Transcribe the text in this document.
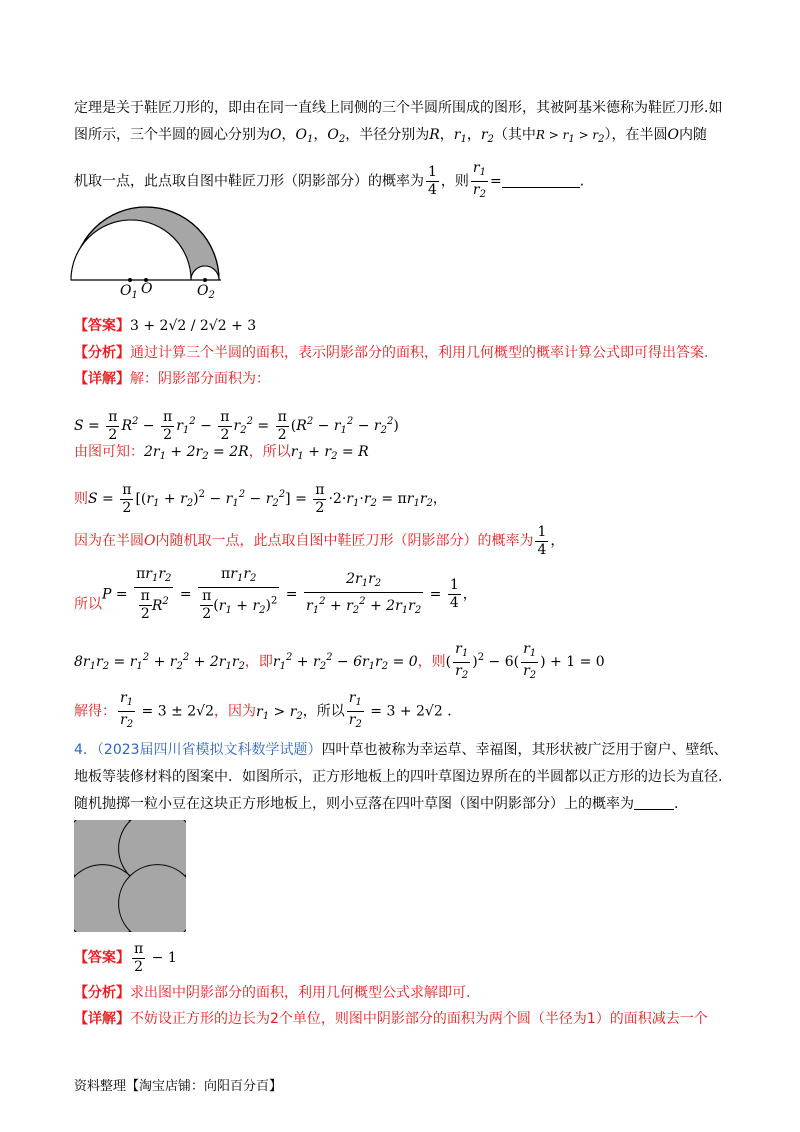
定理是关于鞋匠刀形的，即由在同一直线上同侧的三个半圆所围成的图形，其被阿基米德称为鞋匠刀形.如
图所示，三个半圆的圆心分别为O，$O_1$，$O_2$，半径分别为R，$r_1$，$r_2$（其中$R > r_1 > r_2$），在半圆O内随
机取一点，此点取自图中鞋匠刀形（阴影部分）的概率为 $\frac{1}{4}$ ，则 $\frac{r_1}{r_2}$ =	.
$O_1$ O	$O_2$
【答案】3 + 2√2 / 2√2 + 3
【分析】通过计算三个半圆的面积，表示阴影部分的面积，利用几何概型的概率计算公式即可得出答案.
【详解】解：阴影部分面积为：
$S = \frac{\pi}{2} R^2 - \frac{\pi}{2} r_1^2 - \frac{\pi}{2} r_2^2 = \frac{\pi}{2} (R^2 - r_1^2 - r_2^2)$
由图可知：$2r_1 + 2r_2 = 2R$，所以$r_1 + r_2 = R$
则$S = \frac{\pi}{2} [(r_1 + r_2)^2 - r_1^2 - r_2^2] = \frac{\pi}{2} \cdot 2\cdot r_1\cdot r_2 = \pi r_1r_2$，
因为在半圆O内随机取一点，此点取自图中鞋匠刀形（阴影部分）的概率为 $\frac{1}{4}$ ，
所以$P = \frac{\pi r_1r_2}{\frac{\pi}{2} R^2} = \frac{\pi r_1r_2}{\frac{\pi}{2} (r_1 + r_2)^2} = \frac{2r_1r_2}{r_1^2 + r_2^2 + 2r_1r_2} = \frac{1}{4}$ ，
$8r_1r_2 = r_1^2 + r_2^2 + 2r_1r_2$，即$r_1^2 + r_2^2 - 6r_1r_2 = 0$，则( $\frac{r_1}{r_2} )^2 - 6( \frac{r_1}{r_2}$ ) + 1 = 0
解得： $\frac{r_1}{r_2} = 3 \pm 2√2$，因为$r_1 > r_2$，所以 $\frac{r_1}{r_2} = 3 + 2√2$ .
4．（2023届四川省模拟文科数学试题）四叶草也被称为幸运草、幸福图，其形状被广泛用于窗户、壁纸、
地板等装修材料的图案中．如图所示，正方形地板上的四叶草图边界所在的半圆都以正方形的边长为直径.
随机抛掷一粒小豆在这块正方形地板上，则小豆落在四叶草图（图中阴影部分）上的概率为	.
【答案】 $\frac{\pi}{2} - 1$
【分析】求出图中阴影部分的面积，利用几何概型公式求解即可.
【详解】不妨设正方形的边长为2个单位，则图中阴影部分的面积为两个圆（半径为1）的面积减去一个
资料整理【淘宝店铺：向阳百分百】
